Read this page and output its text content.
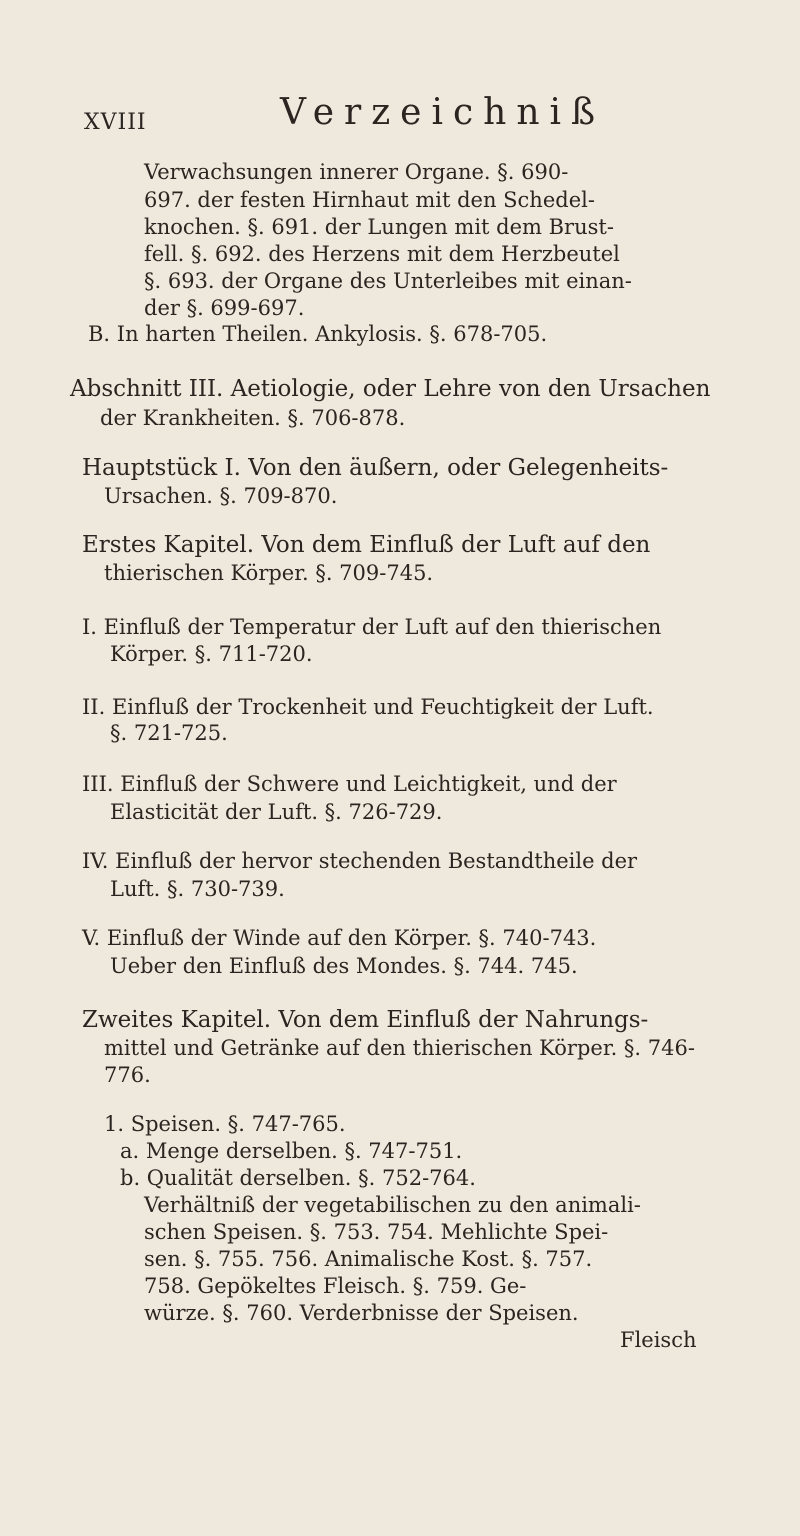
XVIII	Verzeichniß
Verwachsungen innerer Organe. §. 690-
697. der festen Hirnhaut mit den Schedel-
knochen. §. 691. der Lungen mit dem Brust-
fell. §. 692. des Herzens mit dem Herzbeutel
§. 693. der Organe des Unterleibes mit einan-
der §. 699-697.
B. In harten Theilen. Ankylosis. §. 678-705.
Abschnitt III. Aetiologie, oder Lehre von den Ursachen
der Krankheiten. §. 706-878.
Hauptstück I. Von den äußern, oder Gelegenheits-
Ursachen. §. 709-870.
Erstes Kapitel. Von dem Einfluß der Luft auf den
thierischen Körper. §. 709-745.
I. Einfluß der Temperatur der Luft auf den thierischen
Körper. §. 711-720.
II. Einfluß der Trockenheit und Feuchtigkeit der Luft.
§. 721-725.
III. Einfluß der Schwere und Leichtigkeit, und der
Elasticität der Luft. §. 726-729.
IV. Einfluß der hervor stechenden Bestandtheile der
Luft. §. 730-739.
V. Einfluß der Winde auf den Körper. §. 740-743.
Ueber den Einfluß des Mondes. §. 744. 745.
Zweites Kapitel. Von dem Einfluß der Nahrungs-
mittel und Getränke auf den thierischen Körper. §. 746-
776.
1. Speisen. §. 747-765.
a. Menge derselben. §. 747-751.
b. Qualität derselben. §. 752-764.
Verhältniß der vegetabilischen zu den animali-
schen Speisen. §. 753. 754. Mehlichte Spei-
sen. §. 755. 756. Animalische Kost. §. 757.
758. Gepökeltes Fleisch. §. 759. Ge-
würze. §. 760. Verderbnisse der Speisen.
Fleisch
